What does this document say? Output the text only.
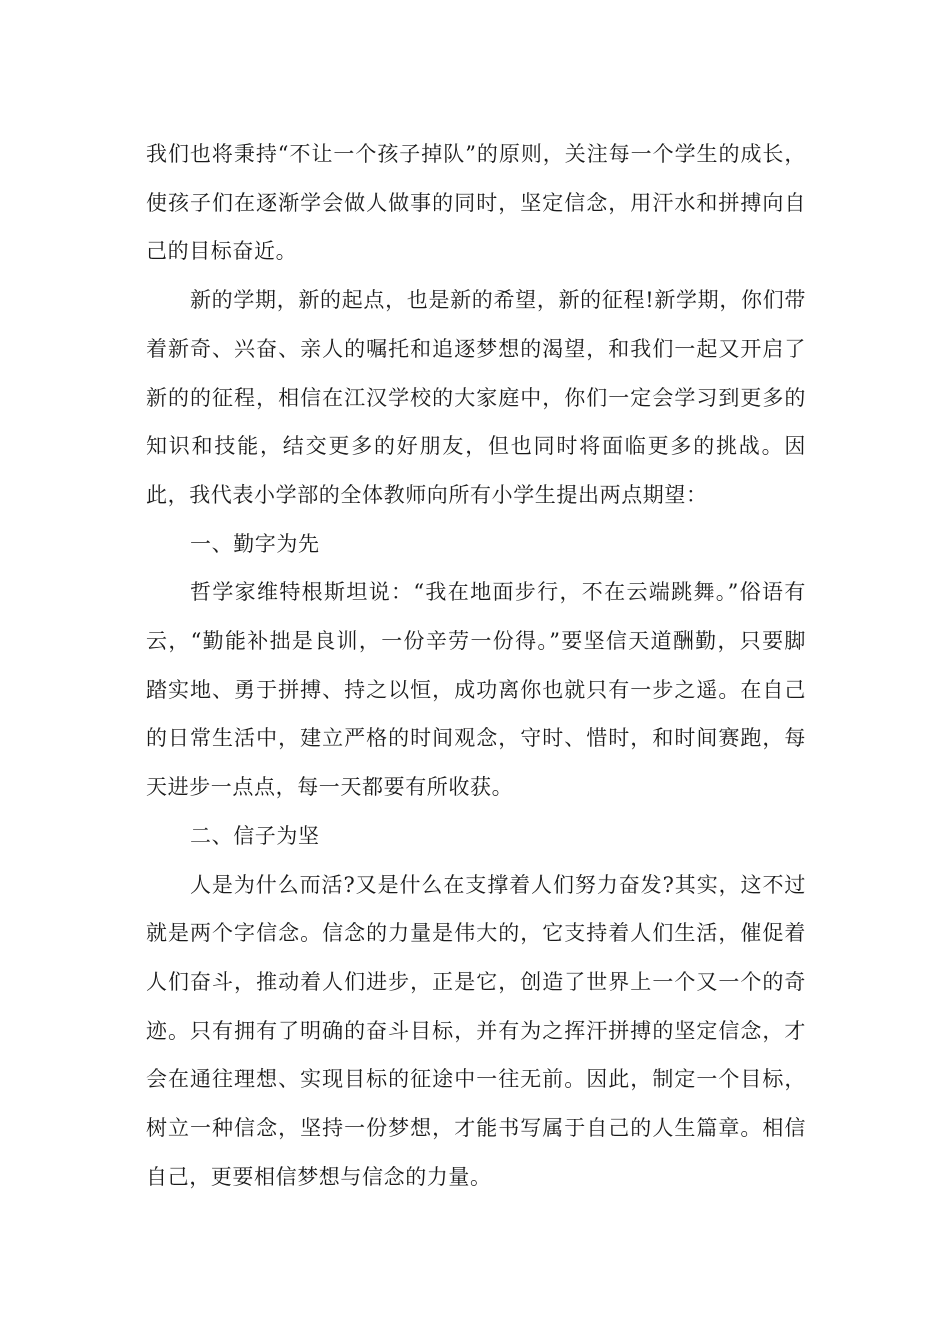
我们也将秉持“不让一个孩子掉队”的原则，关注每一个学生的成长，使孩子们在逐渐学会做人做事的同时，坚定信念，用汗水和拼搏向自己的目标奋近。

新的学期，新的起点，也是新的希望，新的征程!新学期，你们带着新奇、兴奋、亲人的嘱托和追逐梦想的渴望，和我们一起又开启了新的的征程，相信在江汉学校的大家庭中，你们一定会学习到更多的知识和技能，结交更多的好朋友，但也同时将面临更多的挑战。因此，我代表小学部的全体教师向所有小学生提出两点期望：

一、勤字为先

哲学家维特根斯坦说：“我在地面步行，不在云端跳舞。”俗语有云，“勤能补拙是良训，一份辛劳一份得。”要坚信天道酬勤，只要脚踏实地、勇于拼搏、持之以恒，成功离你也就只有一步之遥。在自己的日常生活中，建立严格的时间观念，守时、惜时，和时间赛跑，每天进步一点点，每一天都要有所收获。

二、信子为坚

人是为什么而活?又是什么在支撑着人们努力奋发?其实，这不过就是两个字信念。信念的力量是伟大的，它支持着人们生活，催促着人们奋斗，推动着人们进步，正是它，创造了世界上一个又一个的奇迹。只有拥有了明确的奋斗目标，并有为之挥汗拼搏的坚定信念，才会在通往理想、实现目标的征途中一往无前。因此，制定一个目标，树立一种信念，坚持一份梦想，才能书写属于自己的人生篇章。相信自己，更要相信梦想与信念的力量。
